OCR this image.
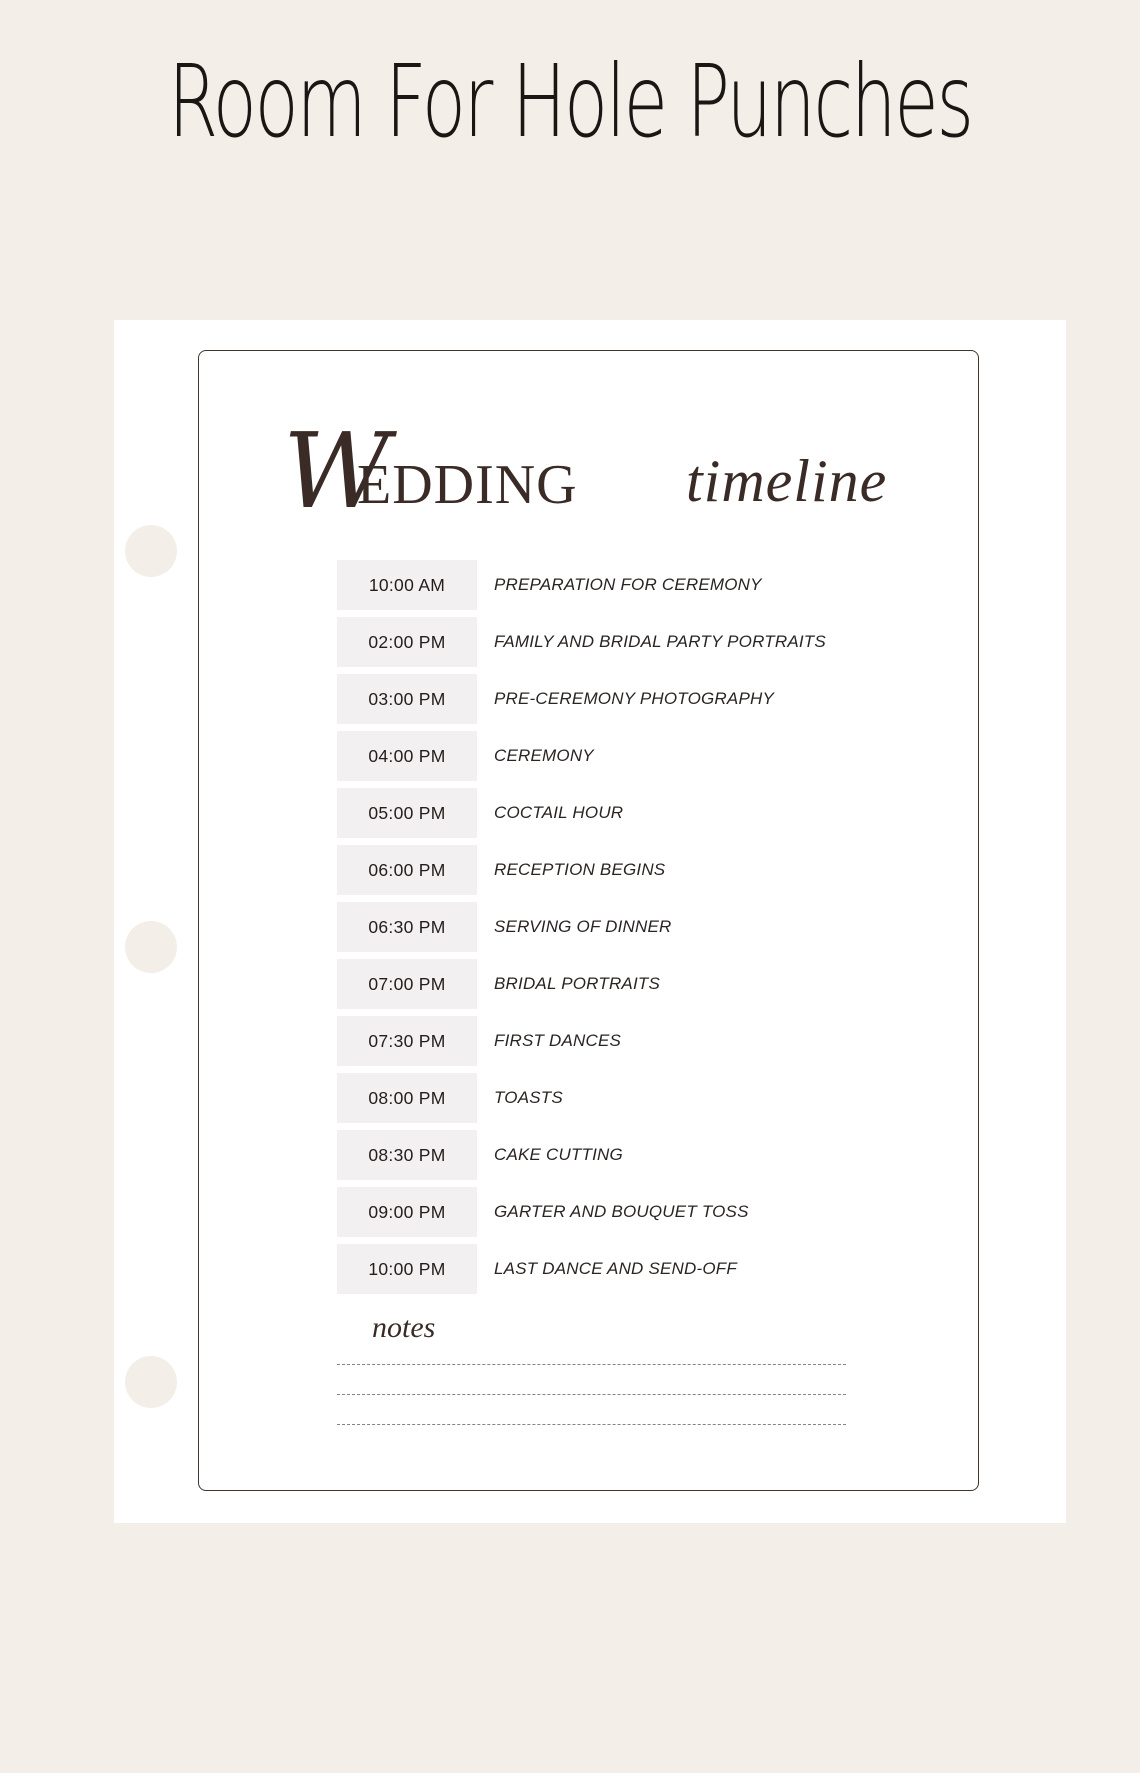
Room For Hole Punches
W
EDDING timeline
10:00 AM	PREPARATION FOR CEREMONY
02:00 PM	FAMILY AND BRIDAL PARTY PORTRAITS
03:00 PM	PRE-CEREMONY PHOTOGRAPHY
04:00 PM	CEREMONY
05:00 PM	COCTAIL HOUR
06:00 PM	RECEPTION BEGINS
06:30 PM	SERVING OF DINNER
07:00 PM	BRIDAL PORTRAITS
07:30 PM	FIRST DANCES
08:00 PM	TOASTS
08:30 PM	CAKE CUTTING
09:00 PM	GARTER AND BOUQUET TOSS
10:00 PM	LAST DANCE AND SEND-OFF
notes
